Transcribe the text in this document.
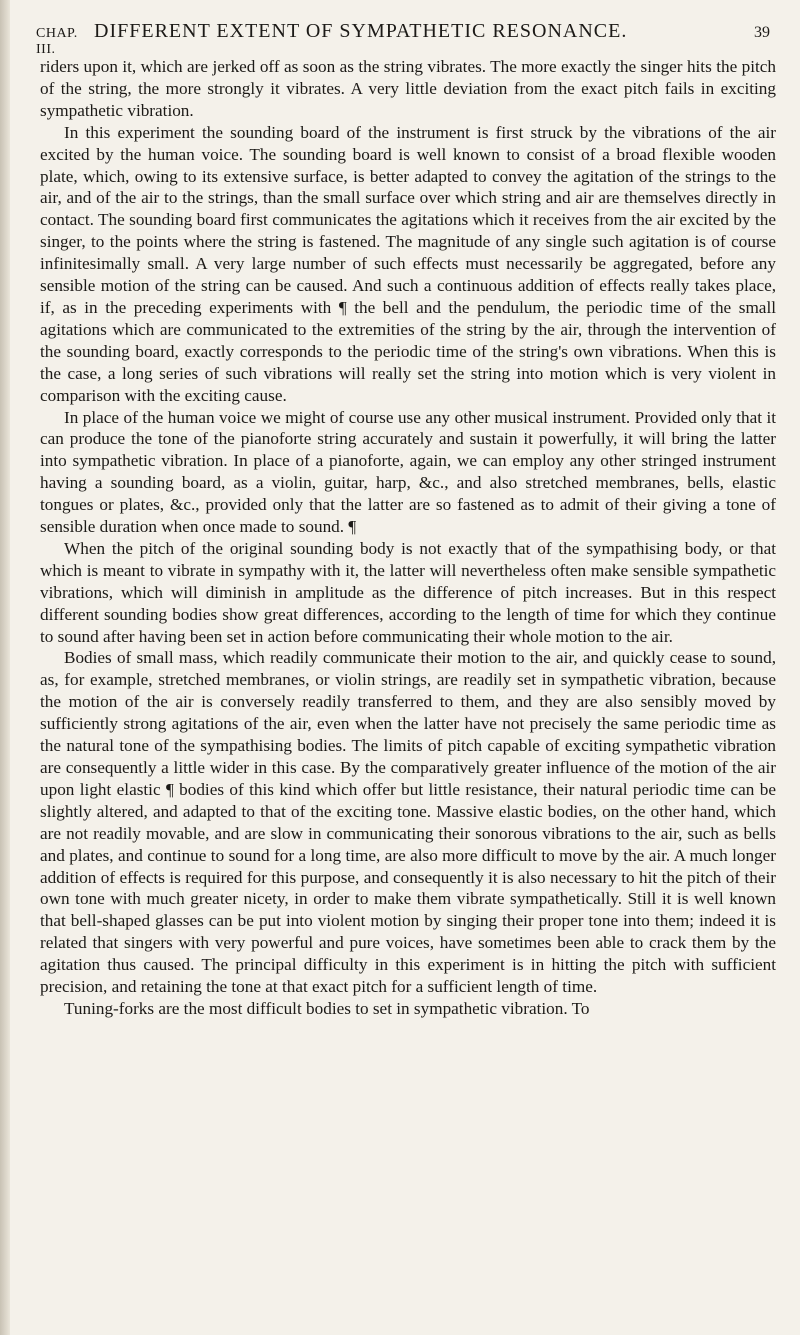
CHAP. III.
DIFFERENT EXTENT OF SYMPATHETIC RESONANCE.	39

riders upon it, which are jerked off as soon as the string vibrates. The more exactly the singer hits the pitch of the string, the more strongly it vibrates. A very little deviation from the exact pitch fails in exciting sympathetic vibration.

In this experiment the sounding board of the instrument is first struck by the vibrations of the air excited by the human voice. The sounding board is well known to consist of a broad flexible wooden plate, which, owing to its extensive surface, is better adapted to convey the agitation of the strings to the air, and of the air to the strings, than the small surface over which string and air are themselves directly in contact. The sounding board first communicates the agitations which it receives from the air excited by the singer, to the points where the string is fastened. The magnitude of any single such agitation is of course infinitesimally small. A very large number of such effects must necessarily be aggregated, before any sensible motion of the string can be caused. And such a continuous addition of effects really takes place, if, as in the preceding experiments with ¶ the bell and the pendulum, the periodic time of the small agitations which are communicated to the extremities of the string by the air, through the intervention of the sounding board, exactly corresponds to the periodic time of the string's own vibrations. When this is the case, a long series of such vibrations will really set the string into motion which is very violent in comparison with the exciting cause.

In place of the human voice we might of course use any other musical instrument. Provided only that it can produce the tone of the pianoforte string accurately and sustain it powerfully, it will bring the latter into sympathetic vibration. In place of a pianoforte, again, we can employ any other stringed instrument having a sounding board, as a violin, guitar, harp, &c., and also stretched membranes, bells, elastic tongues or plates, &c., provided only that the latter are so fastened as to admit of their giving a tone of sensible duration when once made to sound. ¶

When the pitch of the original sounding body is not exactly that of the sympathising body, or that which is meant to vibrate in sympathy with it, the latter will nevertheless often make sensible sympathetic vibrations, which will diminish in amplitude as the difference of pitch increases. But in this respect different sounding bodies show great differences, according to the length of time for which they continue to sound after having been set in action before communicating their whole motion to the air.

Bodies of small mass, which readily communicate their motion to the air, and quickly cease to sound, as, for example, stretched membranes, or violin strings, are readily set in sympathetic vibration, because the motion of the air is conversely readily transferred to them, and they are also sensibly moved by sufficiently strong agitations of the air, even when the latter have not precisely the same periodic time as the natural tone of the sympathising bodies. The limits of pitch capable of exciting sympathetic vibration are consequently a little wider in this case. By the comparatively greater influence of the motion of the air upon light elastic ¶ bodies of this kind which offer but little resistance, their natural periodic time can be slightly altered, and adapted to that of the exciting tone. Massive elastic bodies, on the other hand, which are not readily movable, and are slow in communicating their sonorous vibrations to the air, such as bells and plates, and continue to sound for a long time, are also more difficult to move by the air. A much longer addition of effects is required for this purpose, and consequently it is also necessary to hit the pitch of their own tone with much greater nicety, in order to make them vibrate sympathetically. Still it is well known that bell-shaped glasses can be put into violent motion by singing their proper tone into them; indeed it is related that singers with very powerful and pure voices, have sometimes been able to crack them by the agitation thus caused. The principal difficulty in this experiment is in hitting the pitch with sufficient precision, and retaining the tone at that exact pitch for a sufficient length of time.

Tuning-forks are the most difficult bodies to set in sympathetic vibration. To
